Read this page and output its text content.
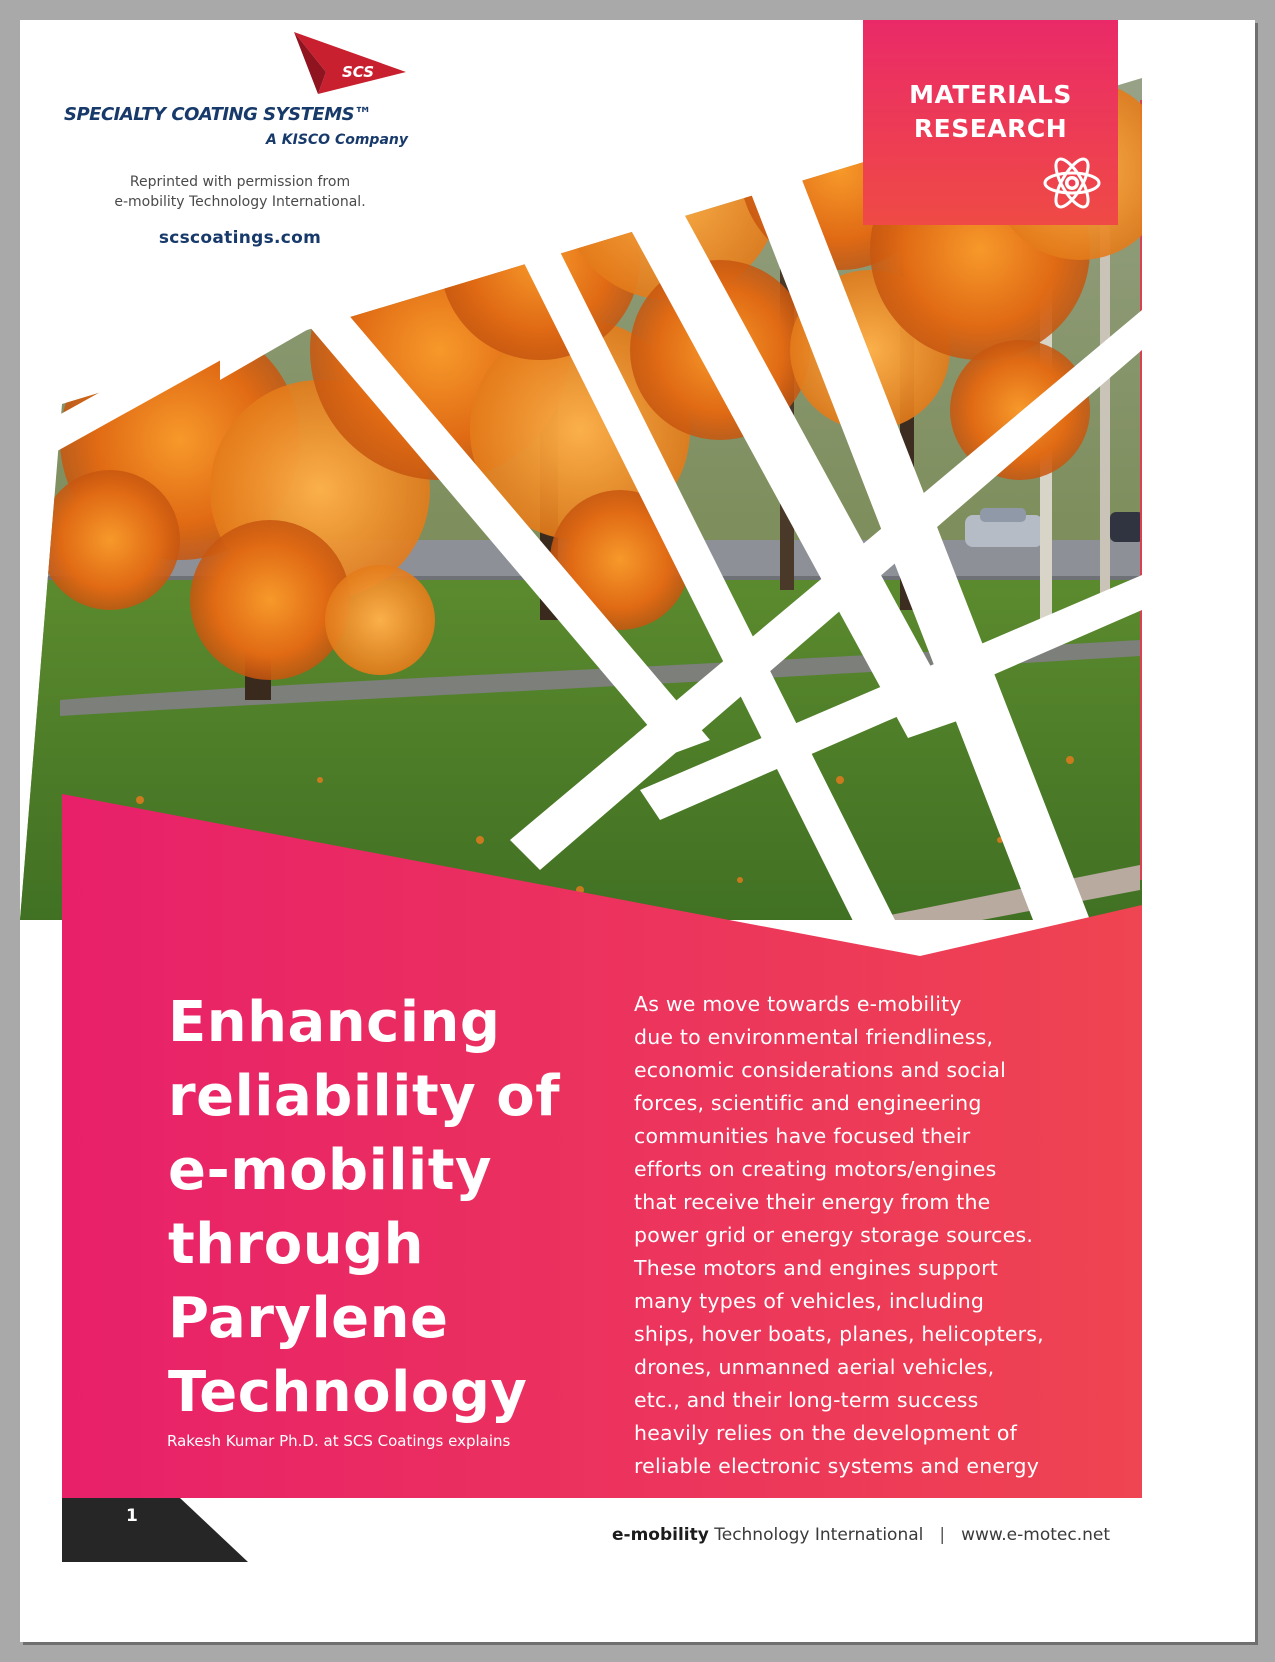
SCS
SPECIALTY COATING SYSTEMS™
A KISCO Company
Reprinted with permission from
e-mobility Technology International.
scscoatings.com
MATERIALS
RESEARCH
Enhancing
reliability of
e-mobility
through
Parylene
Technology
Rakesh Kumar Ph.D. at SCS Coatings explains
As we move towards e-mobility
due to environmental friendliness,
economic considerations and social
forces, scientific and engineering
communities have focused their
efforts on creating motors/engines
that receive their energy from the
power grid or energy storage sources.
These motors and engines support
many types of vehicles, including
ships, hover boats, planes, helicopters,
drones, unmanned aerial vehicles,
etc., and their long-term success
heavily relies on the development of
reliable electronic systems and energy
1
e-mobility Technology International | www.e-motec.net
